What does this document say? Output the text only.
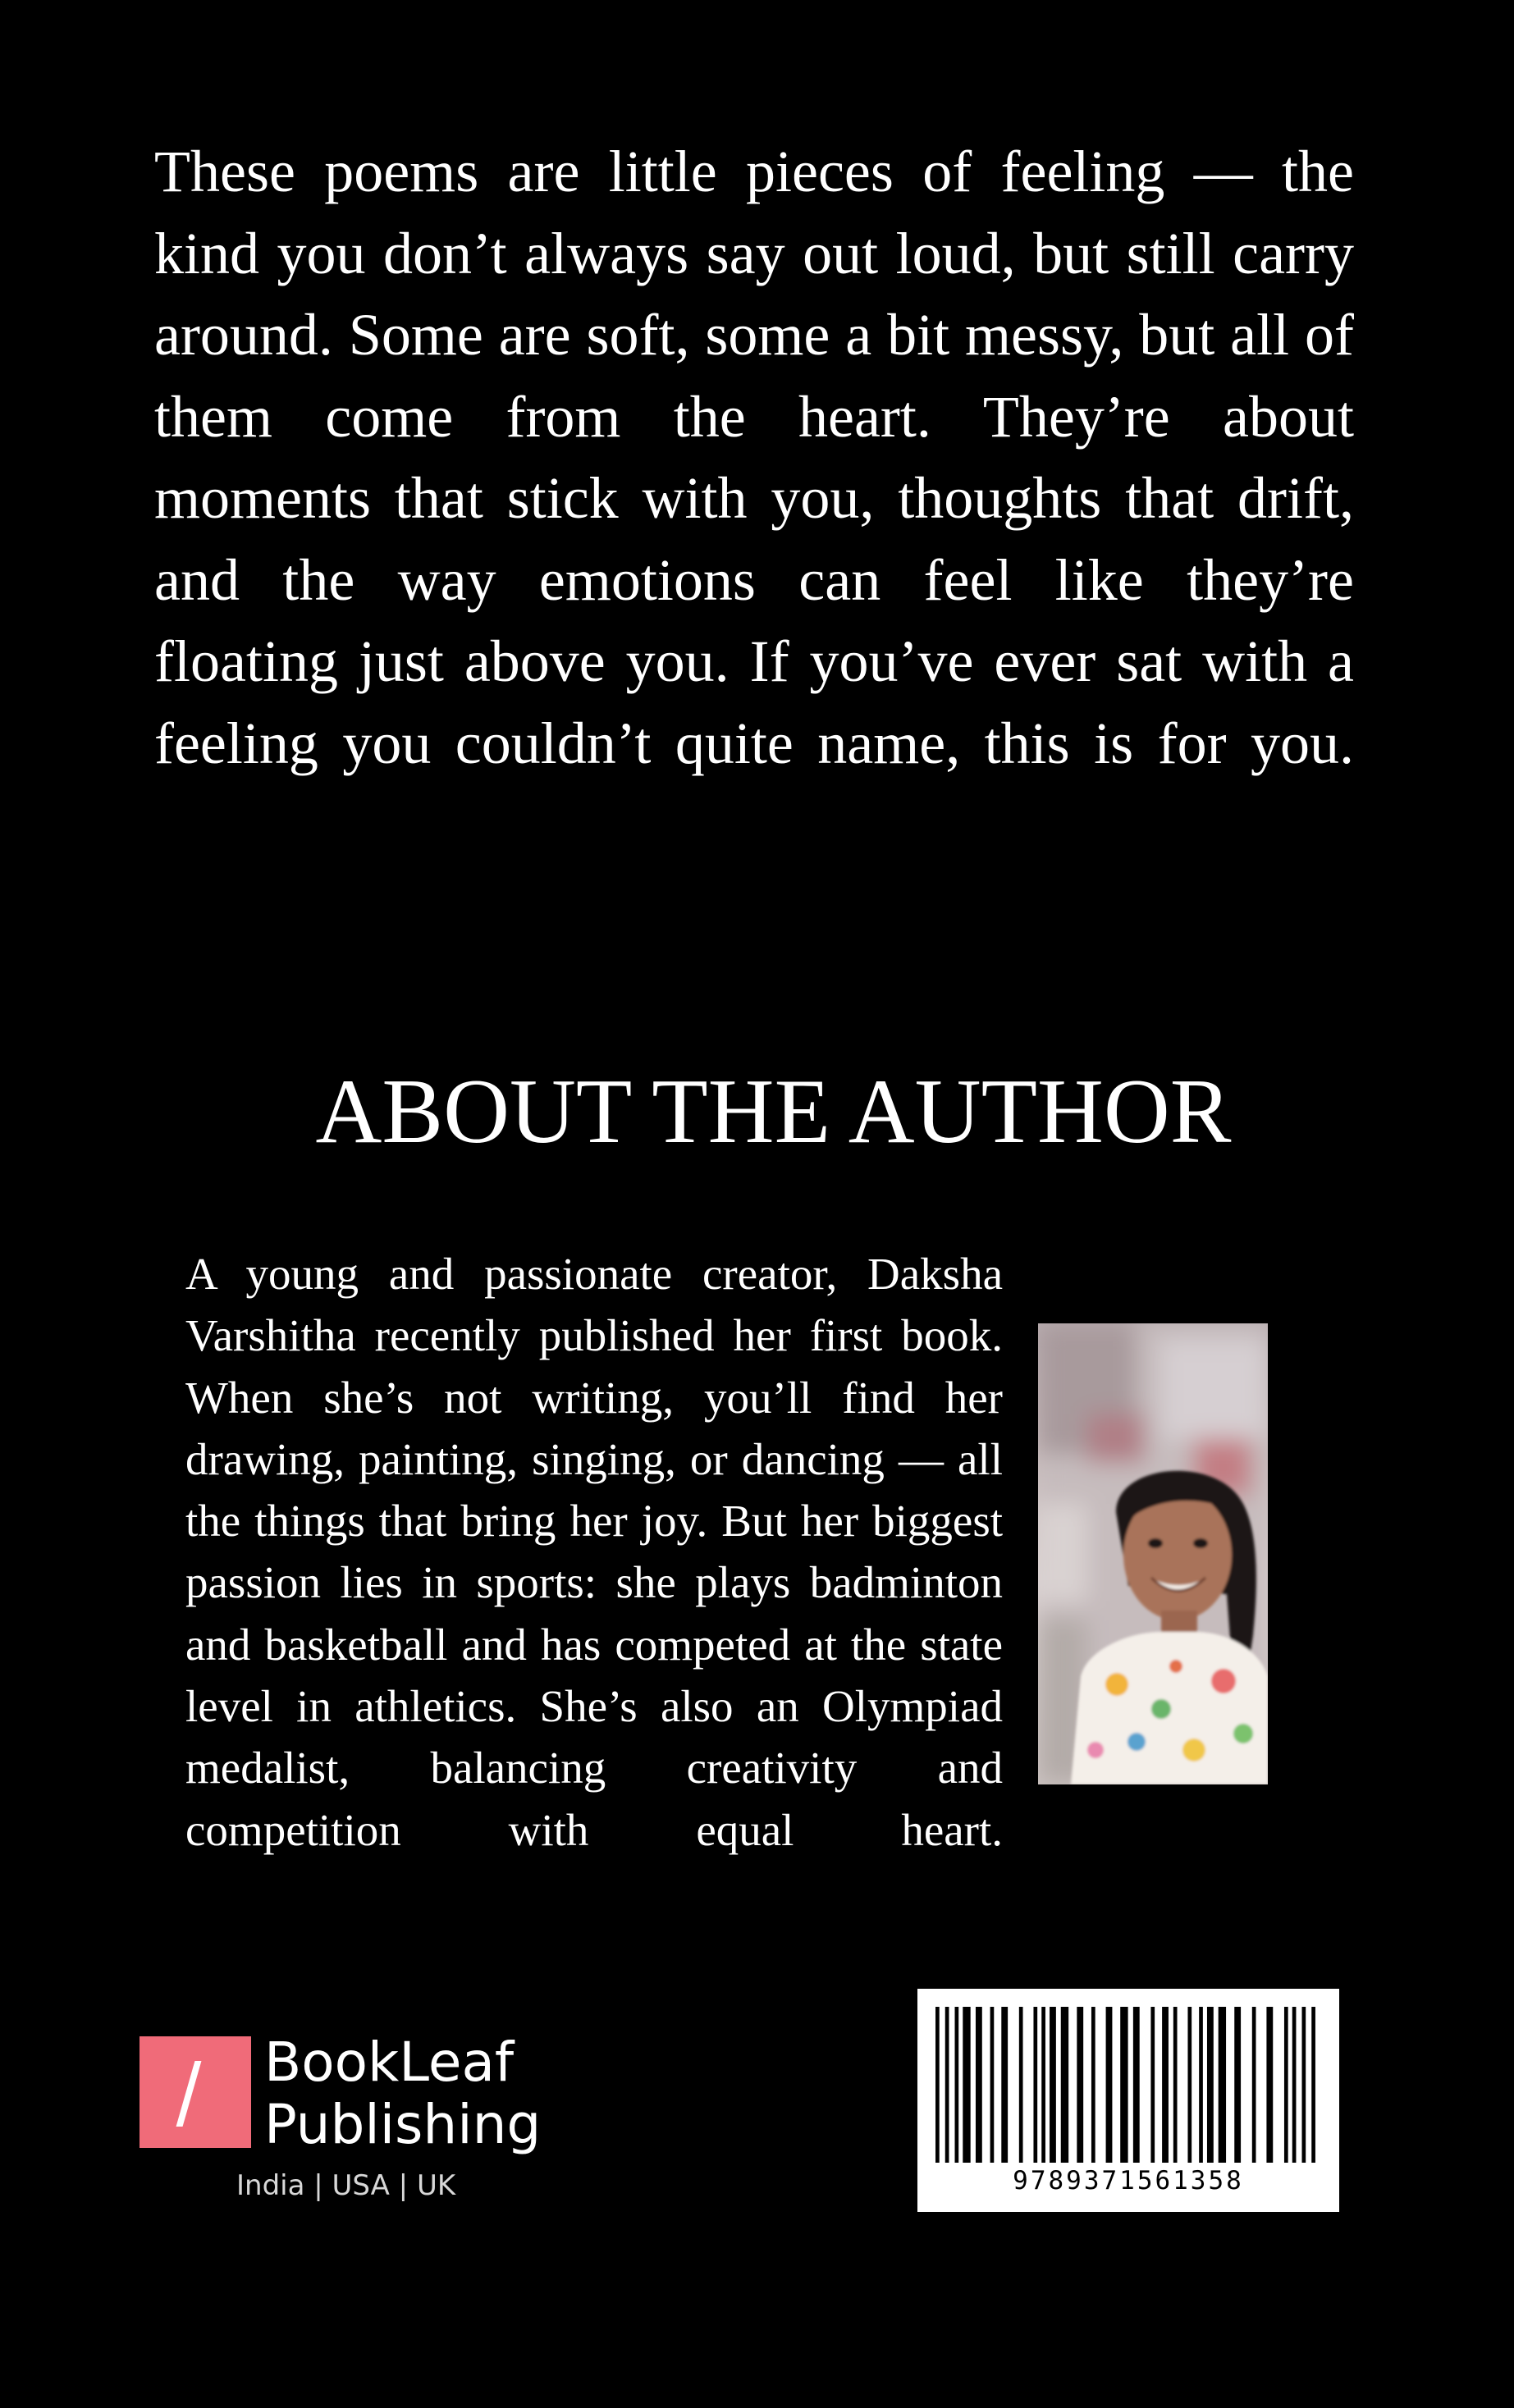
These poems are little pieces of feeling — the kind you don’t always say out loud, but still carry around. Some are soft, some a bit messy, but all of them come from the heart. They’re about moments that stick with you, thoughts that drift, and the way emotions can feel like they’re floating just above you. If you’ve ever sat with a feeling you couldn’t quite name, this is for you.

ABOUT THE AUTHOR

A young and passionate creator, Daksha Varshitha recently published her first book. When she’s not writing, you’ll find her drawing, painting, singing, or dancing — all the things that bring her joy. But her biggest passion lies in sports: she plays badminton and basketball and has competed at the state level in athletics. She’s also an Olympiad medalist, balancing creativity and competition with equal heart.

BookLeaf
Publishing
India | USA | UK	9789371561358
